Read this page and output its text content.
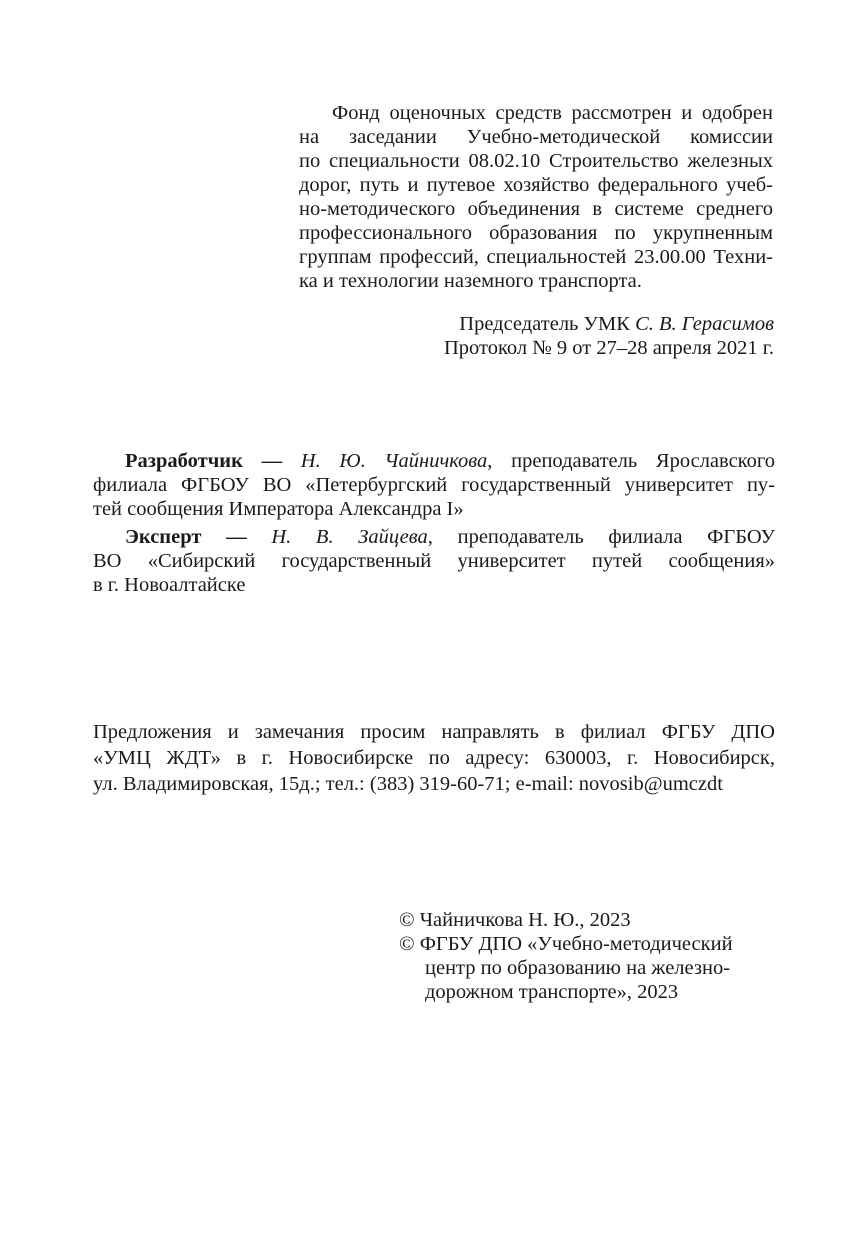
Фонд оценочных средств рассмотрен и одобрен
на заседании Учебно-методической комиссии
по специальности 08.02.10 Строительство железных
дорог, путь и путевое хозяйство федерального учеб-
но-методического объединения в системе среднего
профессионального образования по укрупненным
группам профессий, специальностей 23.00.00 Техни-
ка и технологии наземного транспорта.
Председатель УМК С. В. Герасимов
Протокол № 9 от 27–28 апреля 2021 г.
Разработчик — Н. Ю. Чайничкова, преподаватель Ярославского
филиала ФГБОУ ВО «Петербургский государственный университет пу-
тей сообщения Императора Александра I»
Эксперт — Н. В. Зайцева, преподаватель филиала ФГБОУ
ВО «Сибирский государственный университет путей сообщения»
в г. Новоалтайске
Предложения и замечания просим направлять в филиал ФГБУ ДПО
«УМЦ ЖДТ» в г. Новосибирске по адресу: 630003, г. Новосибирск,
ул. Владимировская, 15д.; тел.: (383) 319-60-71; e-mail: novosib@umczdt
© Чайничкова Н. Ю., 2023
© ФГБУ ДПО «Учебно-методический
центр по образованию на железно-
дорожном транспорте», 2023
